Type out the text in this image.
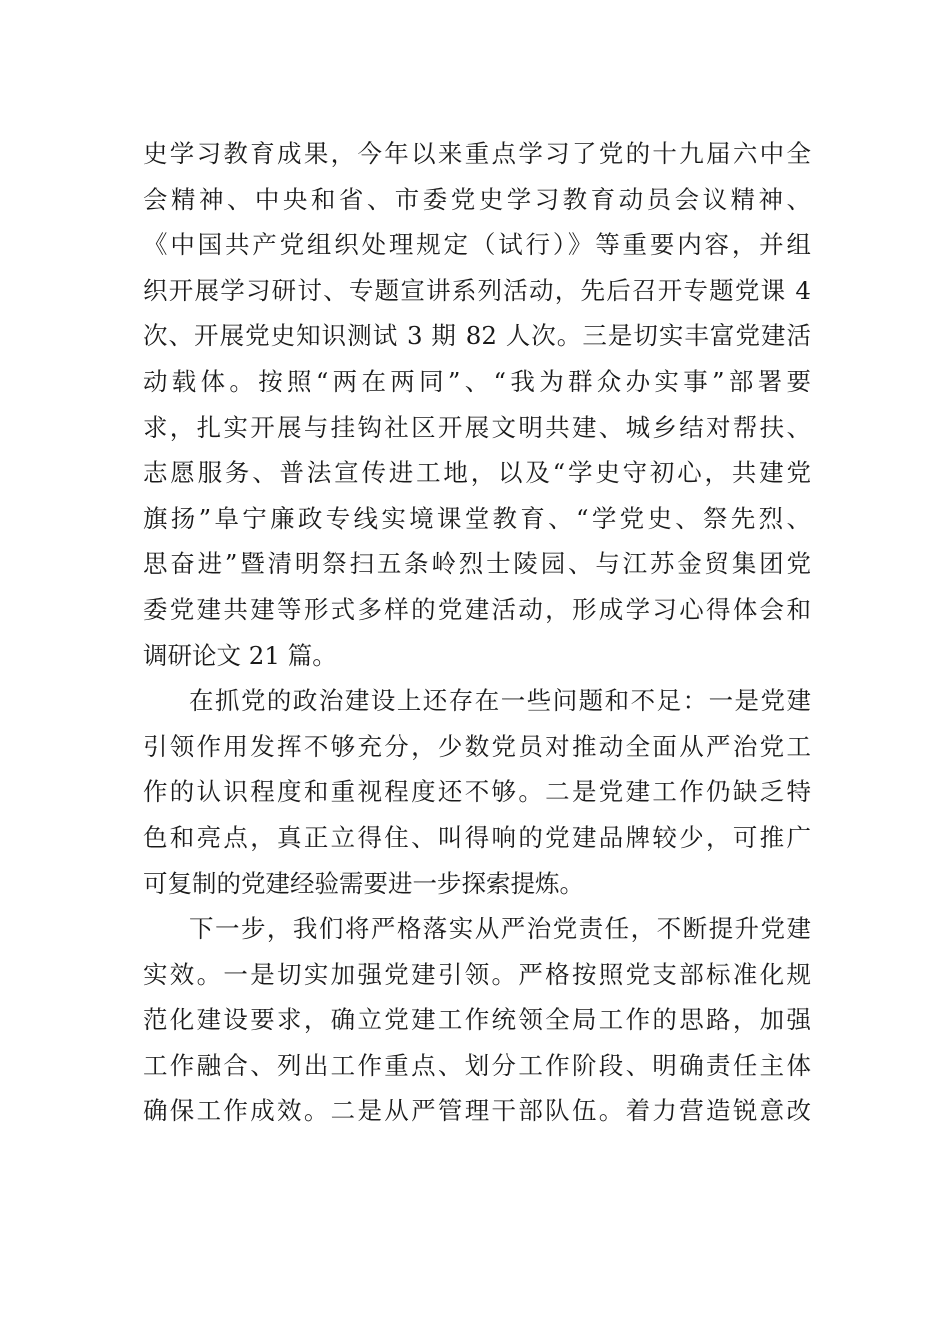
史学习教育成果，今年以来重点学习了党的十九届六中全
会精神、中央和省、市委党史学习教育动员会议精神、
《中国共产党组织处理规定（试行）》等重要内容，并组
织开展学习研讨、专题宣讲系列活动，先后召开专题党课 4
次、开展党史知识测试 3 期 82 人次。三是切实丰富党建活
动载体。按照“两在两同”、“我为群众办实事”部署要
求，扎实开展与挂钩社区开展文明共建、城乡结对帮扶、
志愿服务、普法宣传进工地，以及“学史守初心，共建党
旗扬”阜宁廉政专线实境课堂教育、“学党史、祭先烈、
思奋进”暨清明祭扫五条岭烈士陵园、与江苏金贸集团党
委党建共建等形式多样的党建活动，形成学习心得体会和
调研论文 21 篇。
在抓党的政治建设上还存在一些问题和不足：一是党建
引领作用发挥不够充分，少数党员对推动全面从严治党工
作的认识程度和重视程度还不够。二是党建工作仍缺乏特
色和亮点，真正立得住、叫得响的党建品牌较少，可推广
可复制的党建经验需要进一步探索提炼。
下一步，我们将严格落实从严治党责任，不断提升党建
实效。一是切实加强党建引领。严格按照党支部标准化规
范化建设要求，确立党建工作统领全局工作的思路，加强
工作融合、列出工作重点、划分工作阶段、明确责任主体
确保工作成效。二是从严管理干部队伍。着力营造锐意改
